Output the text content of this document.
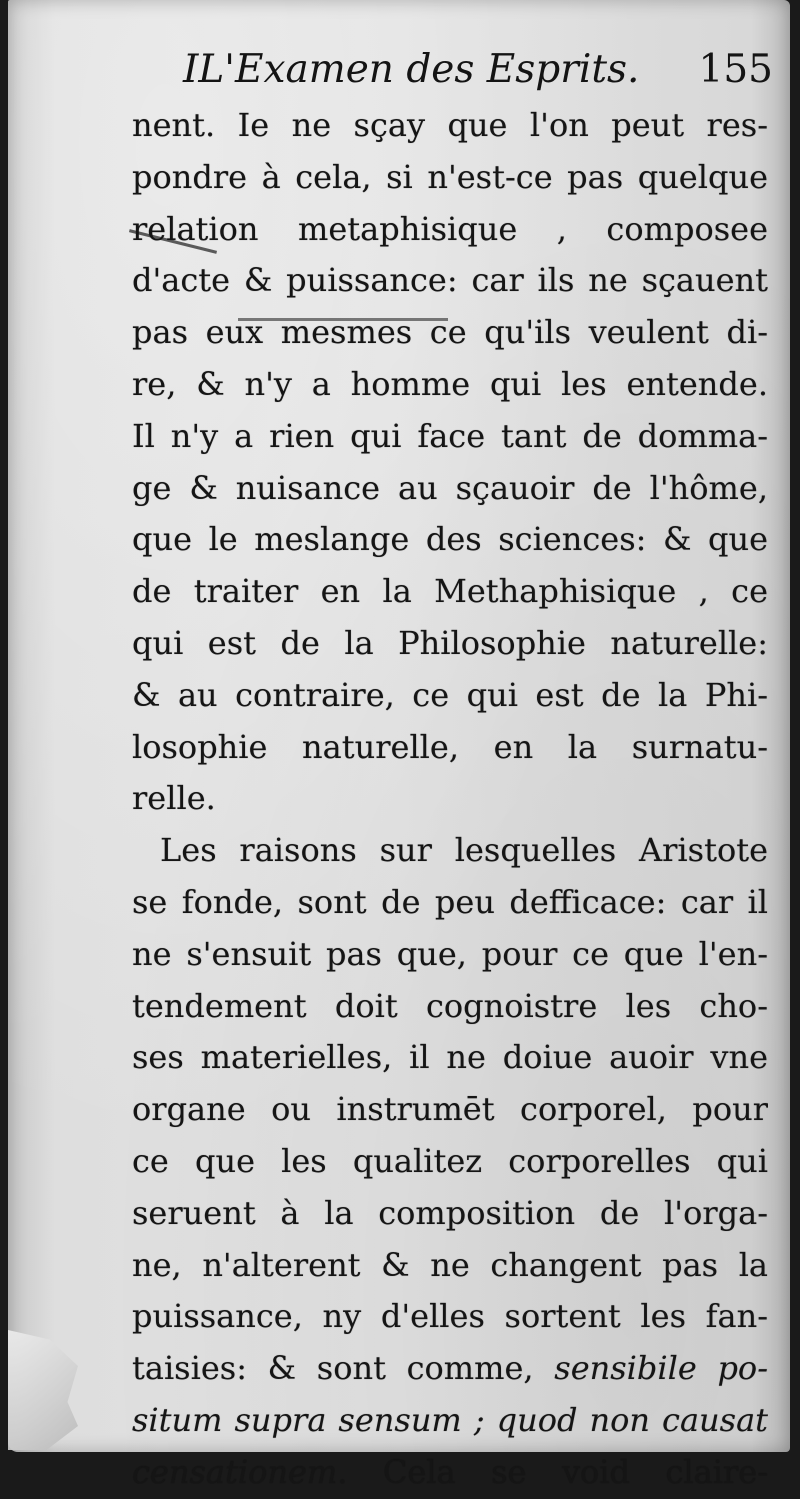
IL'Examen des Esprits. 155
nent. Ie ne sçay que l'on peut res-
pondre à cela, si n'est-ce pas quelque
relation metaphisique , composee
d'acte & puissance: car ils ne sçauent
pas eux mesmes ce qu'ils veulent di-
re, & n'y a homme qui les entende.
Il n'y a rien qui face tant de domma-
ge & nuisance au sçauoir de l'hôme,
que le meslange des sciences: & que
de traiter en la Methaphisique , ce
qui est de la Philosophie naturelle:
& au contraire, ce qui est de la Phi-
losophie naturelle, en la surnatu-
relle.
Les raisons sur lesquelles Aristote
se fonde, sont de peu defficace: car il
ne s'ensuit pas que, pour ce que l'en-
tendement doit cognoistre les cho-
ses materielles, il ne doiue auoir vne
organe ou instrumēt corporel, pour
ce que les qualitez corporelles qui
seruent à la composition de l'orga-
ne, n'alterent & ne changent pas la
puissance, ny d'elles sortent les fan-
taisies: & sont comme, sensibile po-
situm supra sensum ; quod non causat
censationem. Cela se void claire-
